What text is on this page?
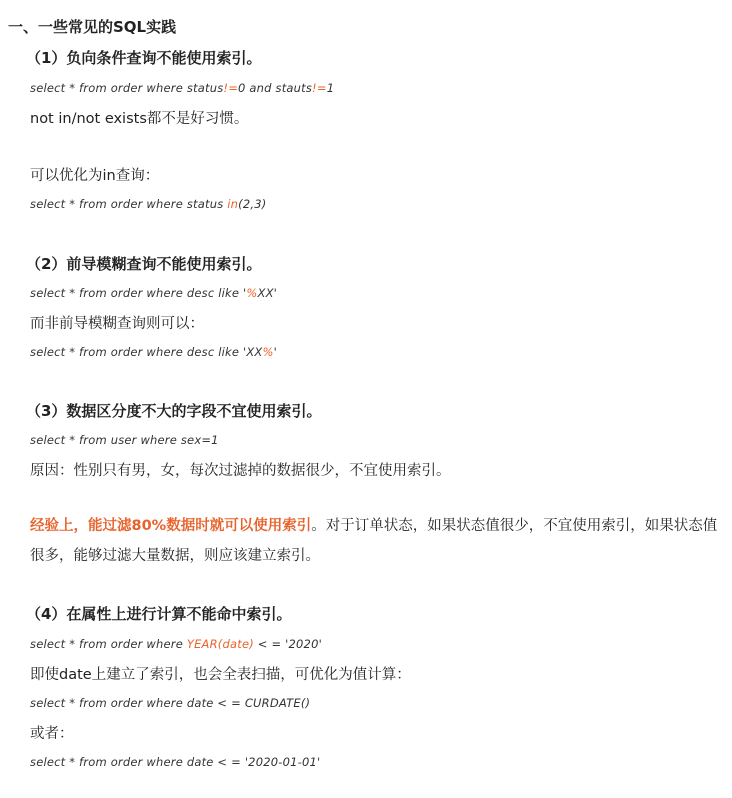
一、一些常见的SQL实践
（1）负向条件查询不能使用索引。
select * from order where status!=0 and stauts!=1
not in/not exists都不是好习惯。
可以优化为in查询：
select * from order where status in(2,3)
（2）前导模糊查询不能使用索引。
select * from order where desc like '%XX'
而非前导模糊查询则可以：
select * from order where desc like 'XX%'
（3）数据区分度不大的字段不宜使用索引。
select * from user where sex=1
原因：性别只有男，女，每次过滤掉的数据很少，不宜使用索引。
经验上，能过滤80%数据时就可以使用索引。对于订单状态，如果状态值很少，不宜使用索引，如果状态值很多，能够过滤大量数据，则应该建立索引。
（4）在属性上进行计算不能命中索引。
select * from order where YEAR(date) < = '2020'
即使date上建立了索引，也会全表扫描，可优化为值计算：
select * from order where date < = CURDATE()
或者：
select * from order where date < = '2020-01-01'
